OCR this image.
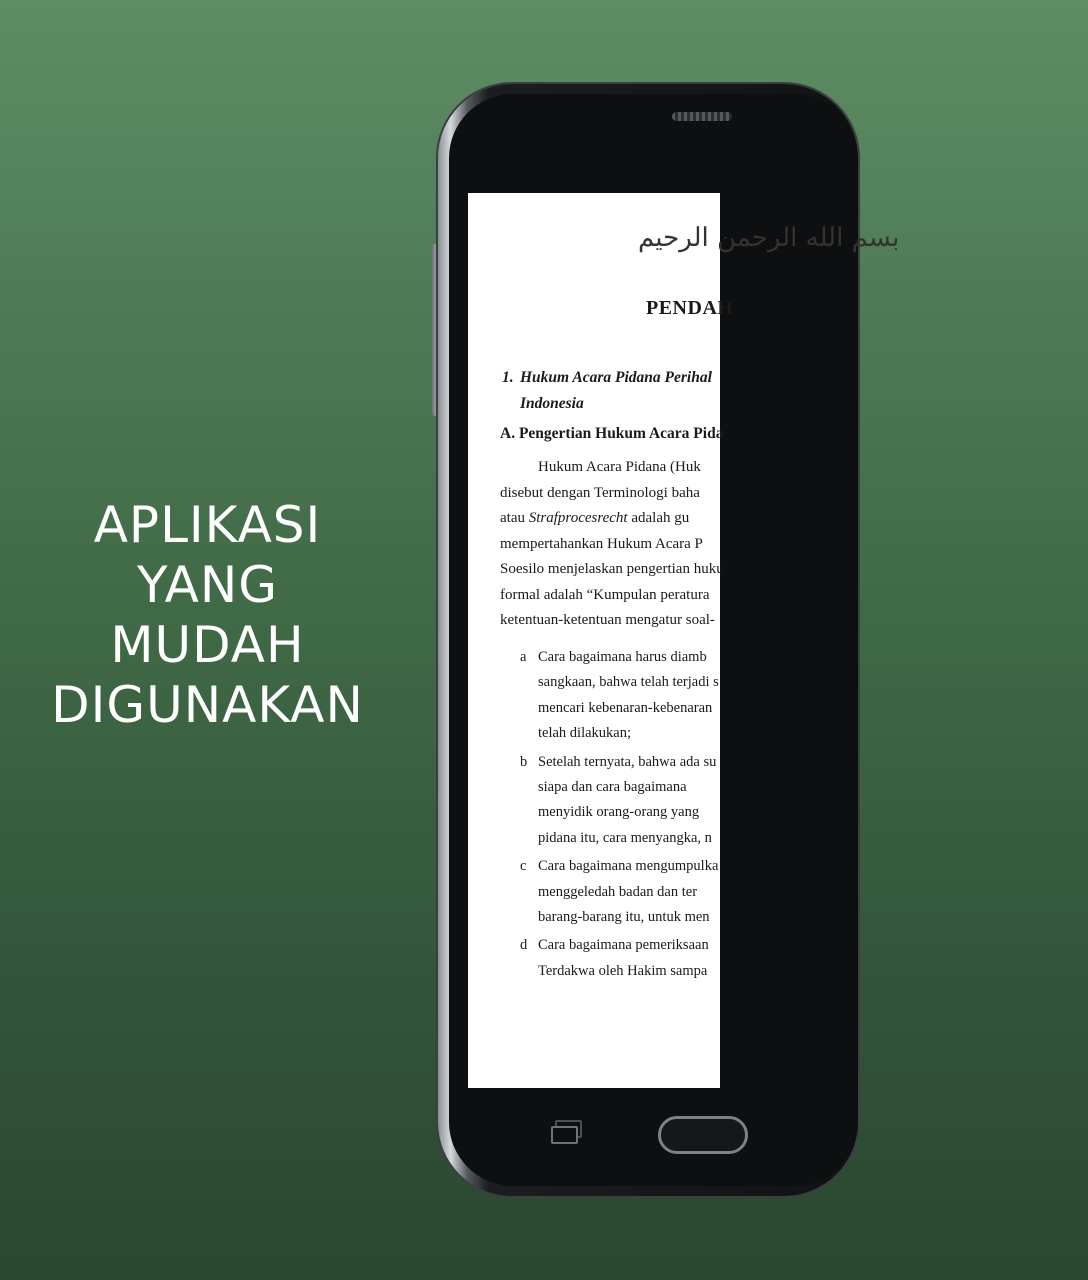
APLIKASI
YANG
MUDAH
DIGUNAKAN
بسم الله الرحمن الرحيم
PENDAH
1. Hukum Acara Pidana Perihal
Indonesia
A. Pengertian Hukum Acara Pida
Hukum Acara Pidana (Huk
disebut dengan Terminologi baha
atau Strafprocesrecht adalah gu
mempertahankan Hukum Acara P
Soesilo menjelaskan pengertian huku
formal adalah “Kumpulan peratura
ketentuan-ketentuan mengatur soal-
a Cara bagaimana harus diamb
sangkaan, bahwa telah terjadi s
mencari kebenaran-kebenaran
telah dilakukan;
b Setelah ternyata, bahwa ada su
siapa dan cara bagaimana
menyidik orang-orang yang
pidana itu, cara menyangka, n
c Cara bagaimana mengumpulka
menggeledah badan dan ter
barang-barang itu, untuk men
d Cara bagaimana pemeriksaan
Terdakwa oleh Hakim sampa
